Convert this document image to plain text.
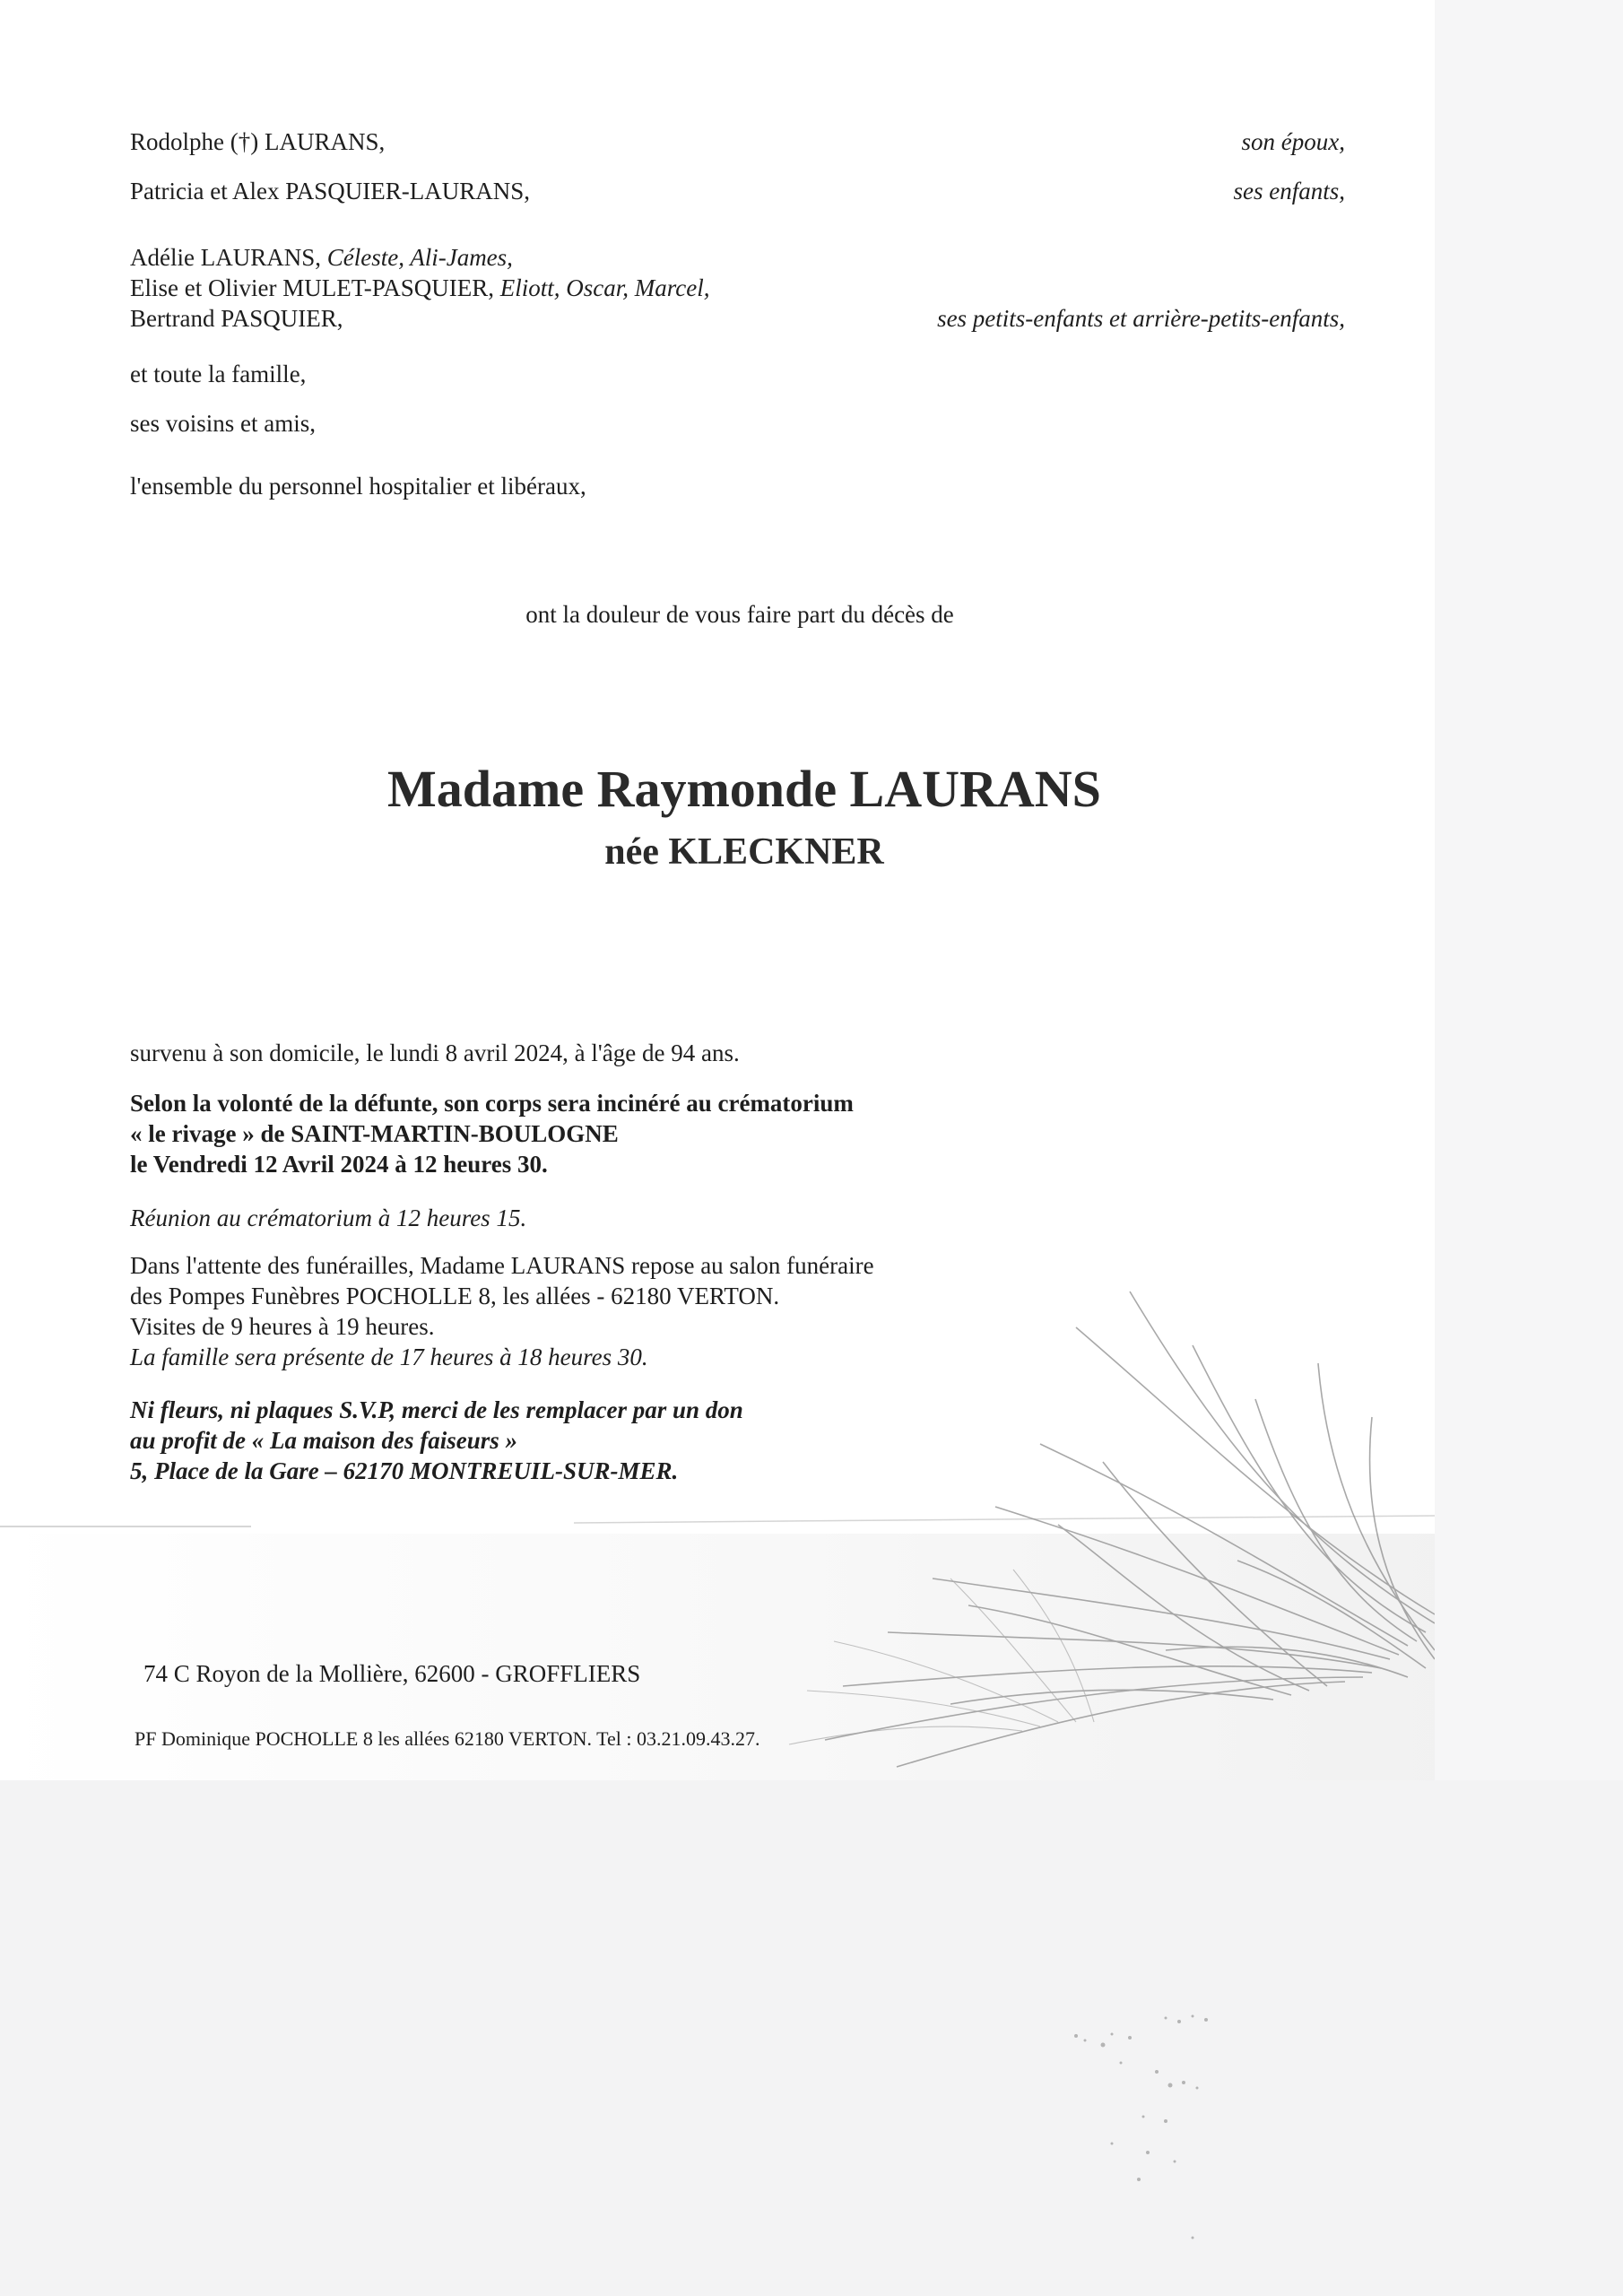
Rodolphe (†) LAURANS,	son époux,
Patricia et Alex PASQUIER-LAURANS,	ses enfants,
Adélie LAURANS, Céleste, Ali-James,
Elise et Olivier MULET-PASQUIER, Eliott, Oscar, Marcel,
Bertrand PASQUIER,	ses petits-enfants et arrière-petits-enfants,
et toute la famille,
ses voisins et amis,
l'ensemble du personnel hospitalier et libéraux,
ont la douleur de vous faire part du décès de
Madame Raymonde LAURANS
née KLECKNER
survenu à son domicile, le lundi 8 avril 2024, à l'âge de 94 ans.
Selon la volonté de la défunte, son corps sera incinéré au crématorium
« le rivage » de SAINT-MARTIN-BOULOGNE
le Vendredi 12 Avril 2024 à 12 heures 30.
Réunion au crématorium à 12 heures 15.
Dans l'attente des funérailles, Madame LAURANS repose au salon funéraire
des Pompes Funèbres POCHOLLE 8, les allées - 62180 VERTON.
Visites de 9 heures à 19 heures.
La famille sera présente de 17 heures à 18 heures 30.
Ni fleurs, ni plaques S.V.P, merci de les remplacer par un don
au profit de « La maison des faiseurs »
5, Place de la Gare – 62170 MONTREUIL-SUR-MER.
74 C Royon de la Mollière, 62600 - GROFFLIERS
PF Dominique POCHOLLE 8 les allées 62180 VERTON. Tel : 03.21.09.43.27.
